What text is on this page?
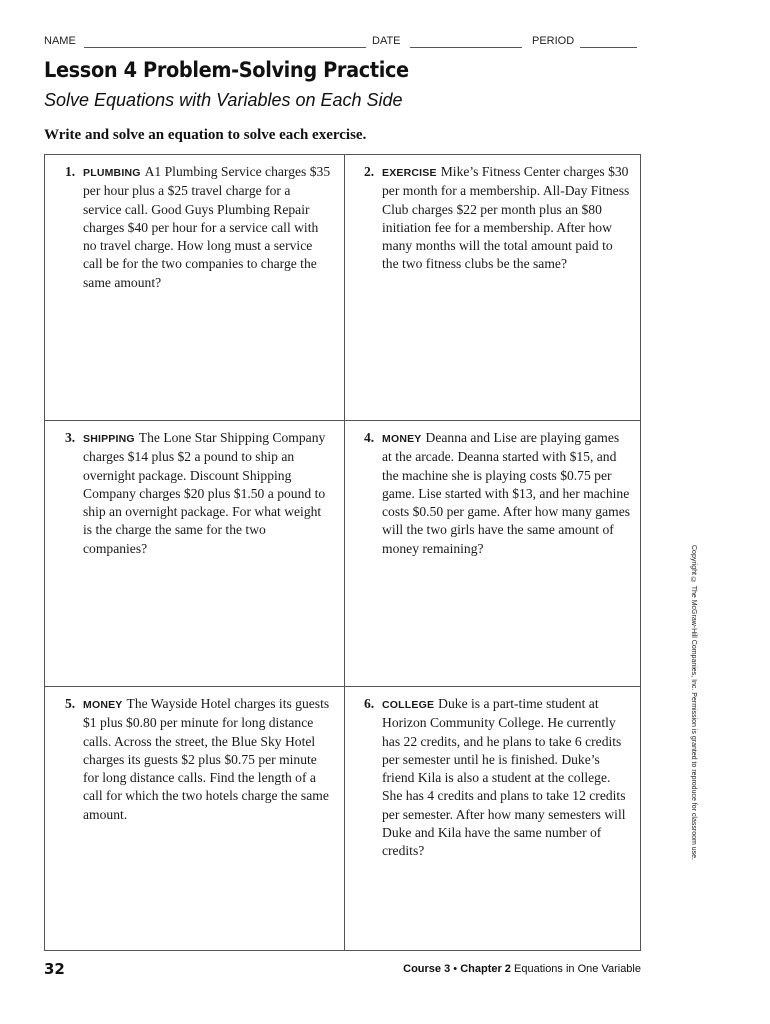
NAME	DATE	PERIOD
Lesson 4 Problem-Solving Practice
Solve Equations with Variables on Each Side
Write and solve an equation to solve each exercise.
1. PLUMBING A1 Plumbing Service charges $35 per hour plus a $25 travel charge for a service call. Good Guys Plumbing Repair charges $40 per hour for a service call with no travel charge. How long must a service call be for the two companies to charge the same amount?
2. EXERCISE Mike’s Fitness Center charges $30 per month for a membership. All-Day Fitness Club charges $22 per month plus an $80 initiation fee for a membership. After how many months will the total amount paid to the two fitness clubs be the same?
3. SHIPPING The Lone Star Shipping Company charges $14 plus $2 a pound to ship an overnight package. Discount Shipping Company charges $20 plus $1.50 a pound to ship an overnight package. For what weight is the charge the same for the two companies?
4. MONEY Deanna and Lise are playing games at the arcade. Deanna started with $15, and the machine she is playing costs $0.75 per game. Lise started with $13, and her machine costs $0.50 per game. After how many games will the two girls have the same amount of money remaining?
5. MONEY The Wayside Hotel charges its guests $1 plus $0.80 per minute for long distance calls. Across the street, the Blue Sky Hotel charges its guests $2 plus $0.75 per minute for long distance calls. Find the length of a call for which the two hotels charge the same amount.
6. COLLEGE Duke is a part-time student at Horizon Community College. He currently has 22 credits, and he plans to take 6 credits per semester until he is finished. Duke’s friend Kila is also a student at the college. She has 4 credits and plans to take 12 credits per semester. After how many semesters will Duke and Kila have the same number of credits?	Copyright © The McGraw-Hill Companies, Inc. Permission is granted to reproduce for classroom use.
32	Course 3 • Chapter 2 Equations in One Variable
